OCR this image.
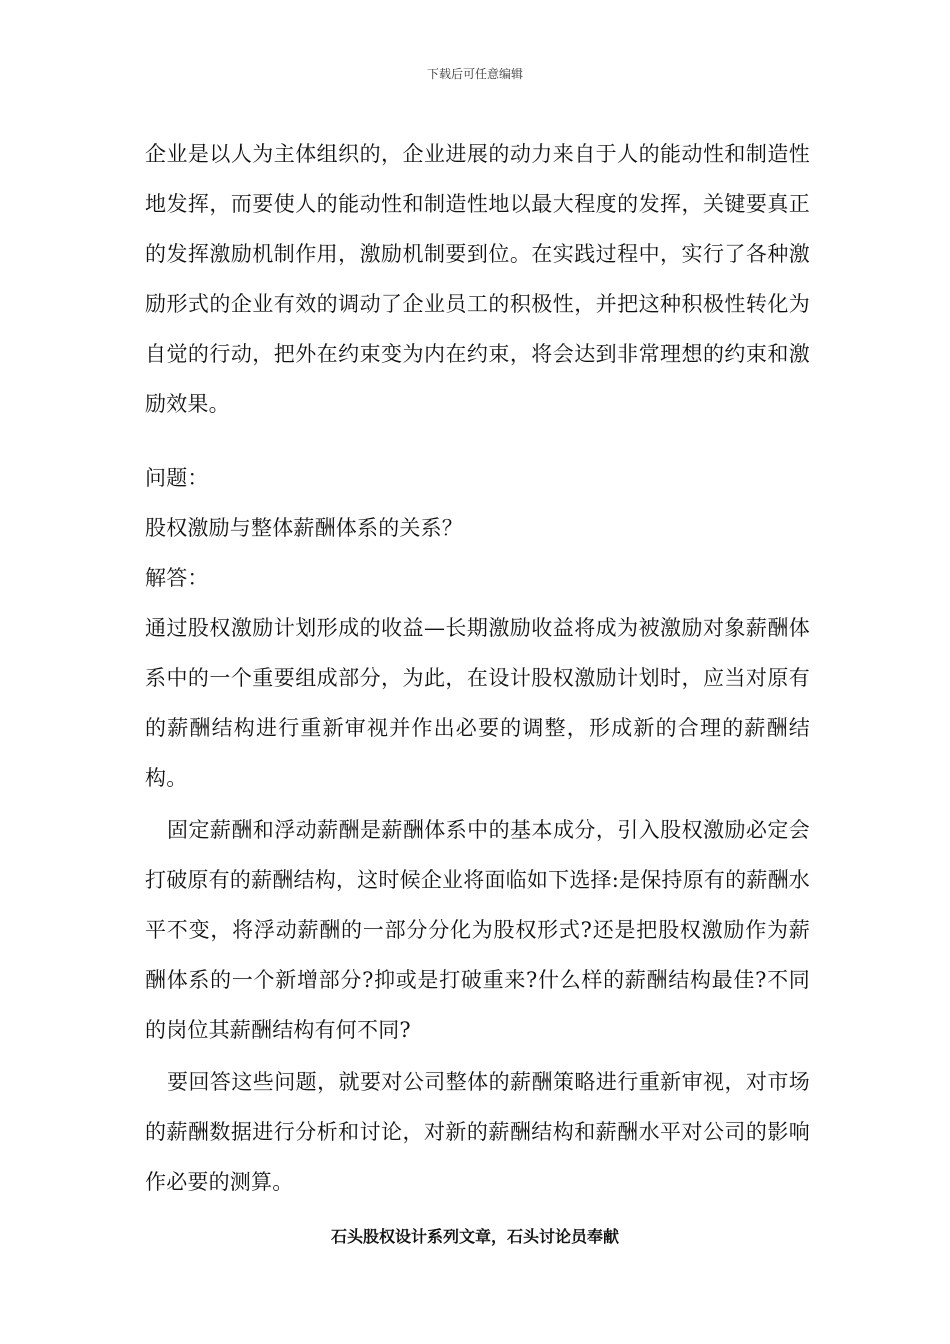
下载后可任意编辑

企业是以人为主体组织的，企业进展的动力来自于人的能动性和制造性地发挥，而要使人的能动性和制造性地以最大程度的发挥，关键要真正的发挥激励机制作用，激励机制要到位。在实践过程中，实行了各种激励形式的企业有效的调动了企业员工的积极性，并把这种积极性转化为自觉的行动，把外在约束变为内在约束，将会达到非常理想的约束和激励效果。

问题：

股权激励与整体薪酬体系的关系？

解答：

通过股权激励计划形成的收益—长期激励收益将成为被激励对象薪酬体系中的一个重要组成部分，为此，在设计股权激励计划时，应当对原有的薪酬结构进行重新审视并作出必要的调整，形成新的合理的薪酬结构。

固定薪酬和浮动薪酬是薪酬体系中的基本成分，引入股权激励必定会打破原有的薪酬结构，这时候企业将面临如下选择:是保持原有的薪酬水平不变，将浮动薪酬的一部分分化为股权形式?还是把股权激励作为薪酬体系的一个新增部分?抑或是打破重来?什么样的薪酬结构最佳?不同的岗位其薪酬结构有何不同?

要回答这些问题，就要对公司整体的薪酬策略进行重新审视，对市场的薪酬数据进行分析和讨论，对新的薪酬结构和薪酬水平对公司的影响作必要的测算。

石头股权设计系列文章，石头讨论员奉献
